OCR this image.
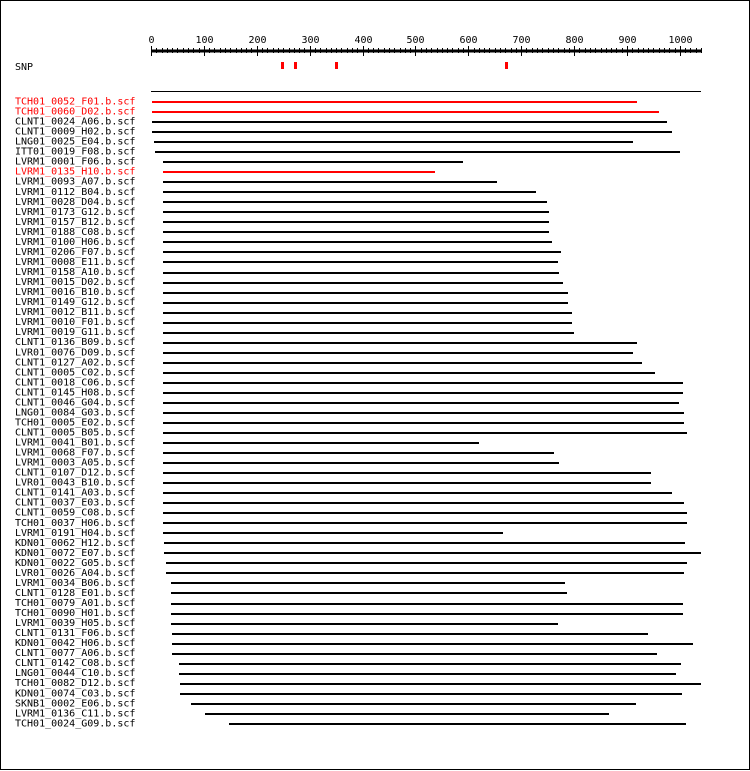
0	100	200	300	400	500	600	700	800	900	1000
SNP
TCH01_0052_F01.b.scf
TCH01_0060_D02.b.scf
CLNT1_0024_A06.b.scf
CLNT1_0009_H02.b.scf
LNG01_0025_E04.b.scf
ITT01_0019_F08.b.scf
LVRM1_0001_F06.b.scf
LVRM1_0135_H10.b.scf
LVRM1_0093_A07.b.scf
LVRM1_0112_B04.b.scf
LVRM1_0028_D04.b.scf
LVRM1_0173_G12.b.scf
LVRM1_0157_B12.b.scf
LVRM1_0188_C08.b.scf
LVRM1_0100_H06.b.scf
LVRM1_0206_F07.b.scf
LVRM1_0008_E11.b.scf
LVRM1_0158_A10.b.scf
LVRM1_0015_D02.b.scf
LVRM1_0016_B10.b.scf
LVRM1_0149_G12.b.scf
LVRM1_0012_B11.b.scf
LVRM1_0010_F01.b.scf
LVRM1_0019_G11.b.scf
CLNT1_0136_B09.b.scf
LVR01_0076_D09.b.scf
CLNT1_0127_A02.b.scf
CLNT1_0005_C02.b.scf
CLNT1_0018_C06.b.scf
CLNT1_0145_H08.b.scf
CLNT1_0046_G04.b.scf
LNG01_0084_G03.b.scf
TCH01_0005_E02.b.scf
CLNT1_0005_B05.b.scf
LVRM1_0041_B01.b.scf
LVRM1_0068_F07.b.scf
LVRM1_0003_A05.b.scf
CLNT1_0107_D12.b.scf
LVR01_0043_B10.b.scf
CLNT1_0141_A03.b.scf
CLNT1_0037_E03.b.scf
CLNT1_0059_C08.b.scf
TCH01_0037_H06.b.scf
LVRM1_0191_H04.b.scf
KDN01_0062_H12.b.scf
KDN01_0072_E07.b.scf
KDN01_0022_G05.b.scf
LVR01_0026_A04.b.scf
LVRM1_0034_B06.b.scf
CLNT1_0128_E01.b.scf
TCH01_0079_A01.b.scf
TCH01_0090_H01.b.scf
LVRM1_0039_H05.b.scf
CLNT1_0131_F06.b.scf
KDN01_0042_H06.b.scf
CLNT1_0077_A06.b.scf
CLNT1_0142_C08.b.scf
LNG01_0044_C10.b.scf
TCH01_0082_D12.b.scf
KDN01_0074_C03.b.scf
SKNB1_0002_E06.b.scf
LVRM1_0136_C11.b.scf
TCH01_0024_G09.b.scf
